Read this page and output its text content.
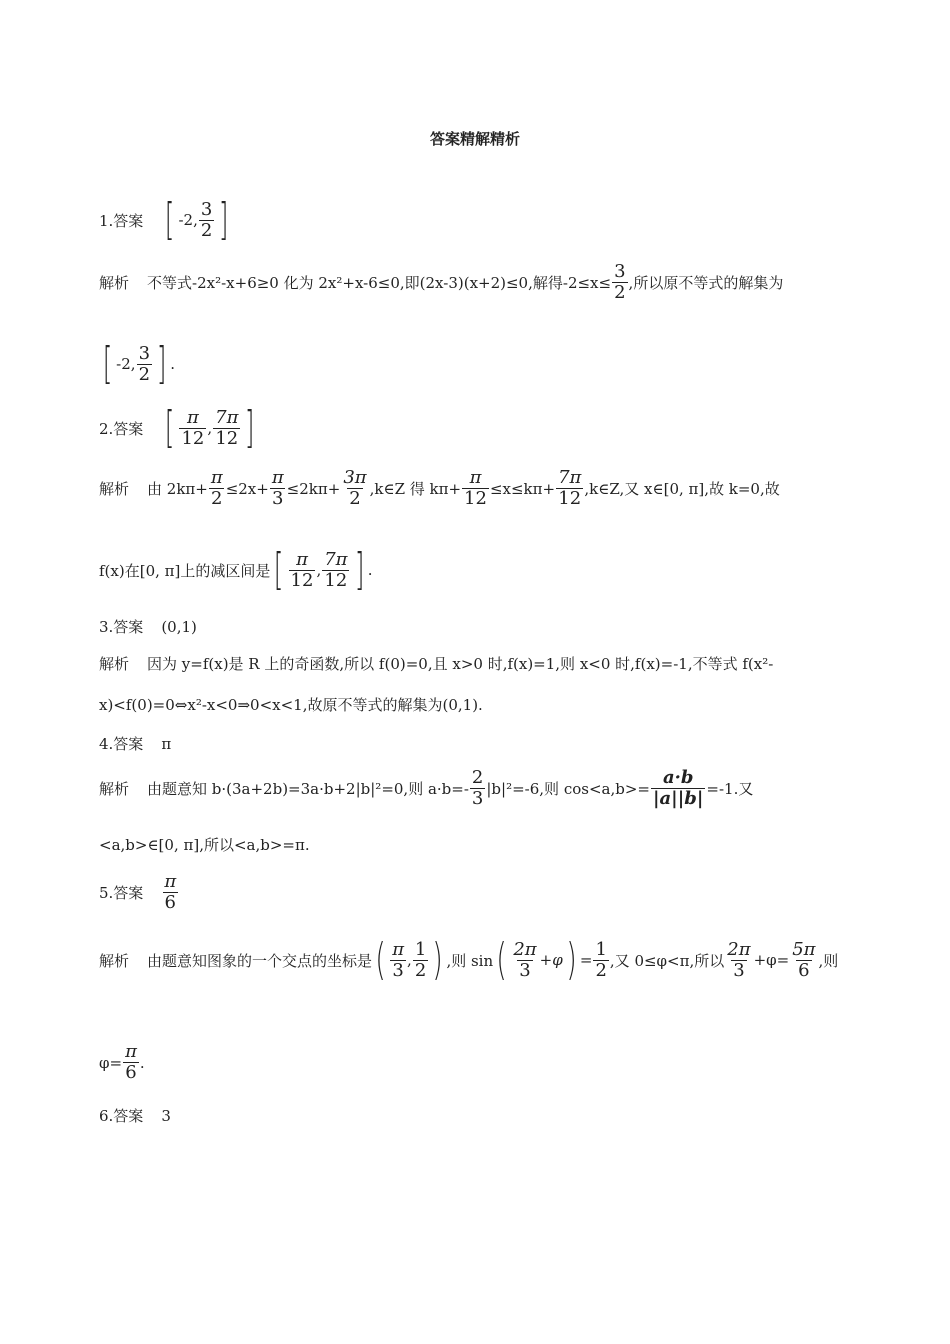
答案精解精析
1.答案 [ -2, $\frac{3}{2}$ ]
解析 不等式-2x²-x+6≥0 化为 2x²+x-6≤0,即(2x-3)(x+2)≤0,解得$-2\le x\le \frac{3}{2}$ ,所以原不等式的解集为
[ -2, $\frac{3}{2}$ ] .
2.答案 [ $\frac{\pi}{12}$ , $\frac{7\pi}{12}$ ]
解析 由 $2k\pi+ \frac{\pi}{2} \le 2x+ \frac{\pi}{3} \le 2k\pi+ \frac{3\pi}{2}$ ,k∈Z 得 $k\pi+ \frac{\pi}{12} \le x\le k\pi+ \frac{7\pi}{12}$ ,k∈Z,又 x∈[0, π],故 k=0,故
f(x)在[0, π]上的减区间是 [ $\frac{\pi}{12}$ , $\frac{7\pi}{12}$ ] .
3.答案 (0,1)
解析 因为 y=f(x)是 R 上的奇函数,所以 f(0)=0,且 x>0 时,f(x)=1,则 x<0 时,f(x)=-1,不等式 f(x²-
x)<f(0)=0⇔x²-x<0⇒0<x<1,故原不等式的解集为(0,1).
4.答案 π
解析 由题意知 b·(3a+2b)=3a·b+2|b|²=0,则 $a\cdot b=- \frac{2}{3} |b|^2=-6$,则 $\cos<a,b>= \frac{a\cdot b}{|a||b|} =-1$.又
<a,b>∈[0, π],所以<a,b>=π.
5.答案 $\frac{\pi}{6}$
解析 由题意知图象的一个交点的坐标是 ( $\frac{\pi}{3}$ , $\frac{1}{2}$ ) ,则 sin ( $\frac{2\pi}{3} +\varphi$ ) = $\frac{1}{2}$ ,又 0≤φ<π,所以 $\frac{2\pi}{3} +\varphi= \frac{5\pi}{6}$ ,则
$\varphi= \frac{\pi}{6}$ .
6.答案 3
